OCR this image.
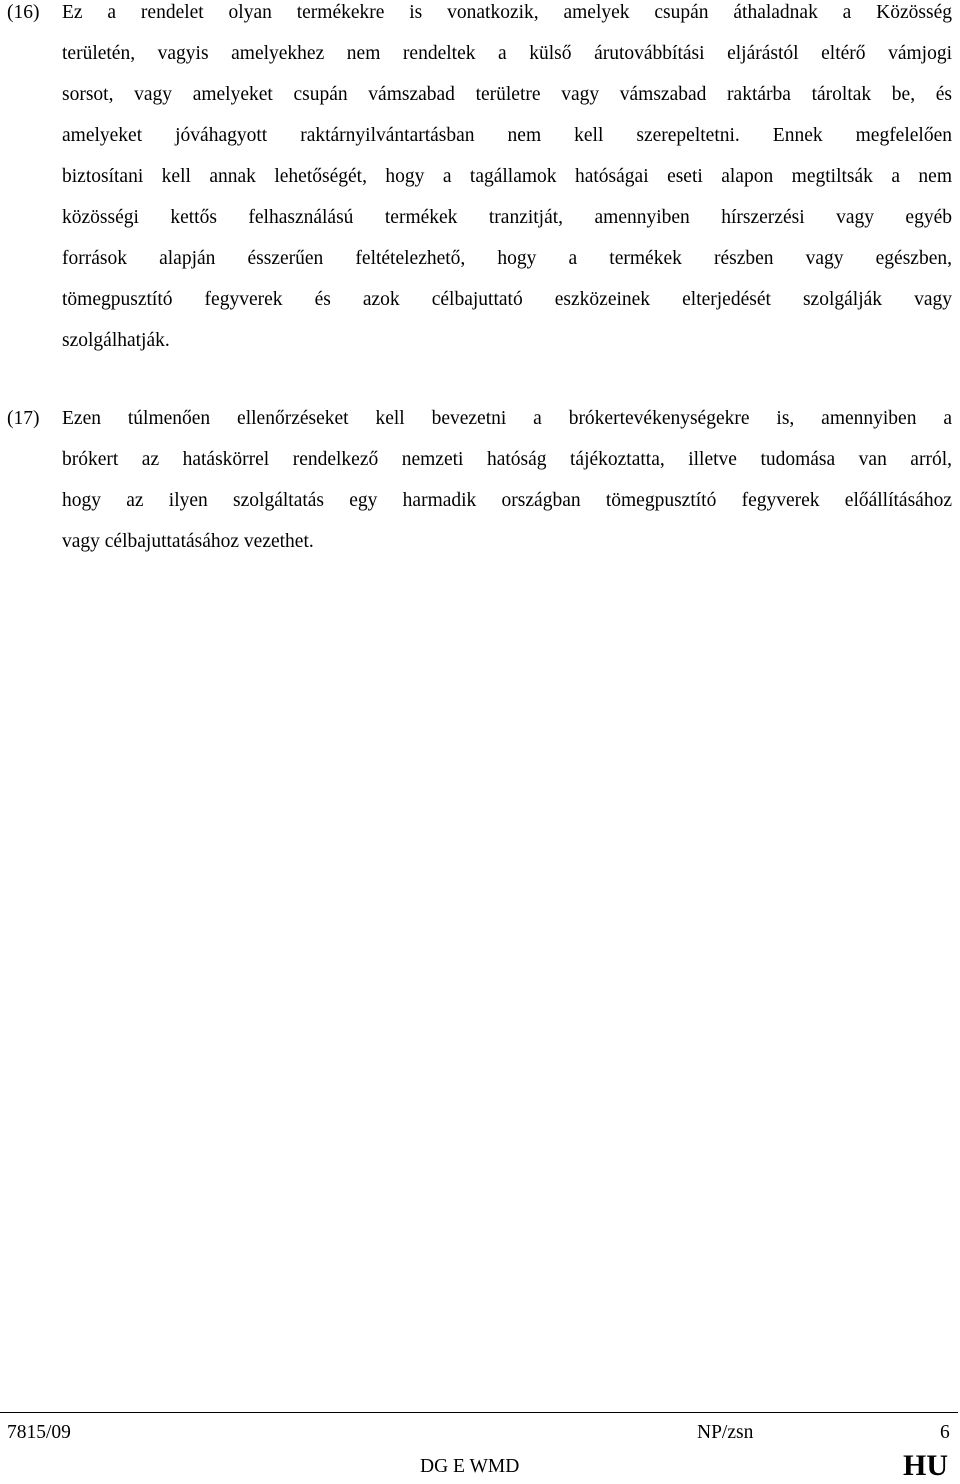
(16) Ez a rendelet olyan termékekre is vonatkozik, amelyek csupán áthaladnak a Közösség
területén, vagyis amelyekhez nem rendeltek a külső árutovábbítási eljárástól eltérő vámjogi
sorsot, vagy amelyeket csupán vámszabad területre vagy vámszabad raktárba tároltak be, és
amelyeket jóváhagyott raktárnyilvántartásban nem kell szerepeltetni. Ennek megfelelően
biztosítani kell annak lehetőségét, hogy a tagállamok hatóságai eseti alapon megtiltsák a nem
közösségi kettős felhasználású termékek tranzitját, amennyiben hírszerzési vagy egyéb
források alapján ésszerűen feltételezhető, hogy a termékek részben vagy egészben,
tömegpusztító fegyverek és azok célbajuttató eszközeinek elterjedését szolgálják vagy
szolgálhatják.
(17) Ezen túlmenően ellenőrzéseket kell bevezetni a brókertevékenységekre is, amennyiben a
brókert az hatáskörrel rendelkező nemzeti hatóság tájékoztatta, illetve tudomása van arról,
hogy az ilyen szolgáltatás egy harmadik országban tömegpusztító fegyverek előállításához
vagy célbajuttatásához vezethet.
7815/09	NP/zsn	6
DG E WMD	HU
